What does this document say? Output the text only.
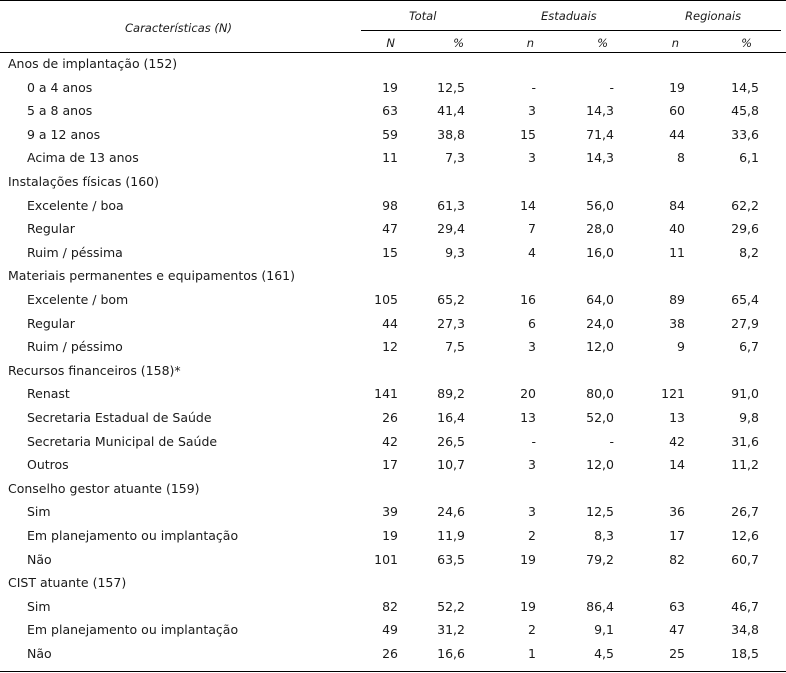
Características (N)
Total	Estaduais	Regionais
N	%	n	%	n	%
Anos de implantação (152)
0 a 4 anos	19	12,5	-	-	19	14,5
5 a 8 anos	63	41,4	3	14,3	60	45,8
9 a 12 anos	59	38,8	15	71,4	44	33,6
Acima de 13 anos	11	7,3	3	14,3	8	6,1
Instalações físicas (160)
Excelente / boa	98	61,3	14	56,0	84	62,2
Regular	47	29,4	7	28,0	40	29,6
Ruim / péssima	15	9,3	4	16,0	11	8,2
Materiais permanentes e equipamentos (161)
Excelente / bom	105	65,2	16	64,0	89	65,4
Regular	44	27,3	6	24,0	38	27,9
Ruim / péssimo	12	7,5	3	12,0	9	6,7
Recursos financeiros (158)*
Renast	141	89,2	20	80,0	121	91,0
Secretaria Estadual de Saúde	26	16,4	13	52,0	13	9,8
Secretaria Municipal de Saúde	42	26,5	-	-	42	31,6
Outros	17	10,7	3	12,0	14	11,2
Conselho gestor atuante (159)
Sim	39	24,6	3	12,5	36	26,7
Em planejamento ou implantação	19	11,9	2	8,3	17	12,6
Não	101	63,5	19	79,2	82	60,7
CIST atuante (157)
Sim	82	52,2	19	86,4	63	46,7
Em planejamento ou implantação	49	31,2	2	9,1	47	34,8
Não	26	16,6	1	4,5	25	18,5
